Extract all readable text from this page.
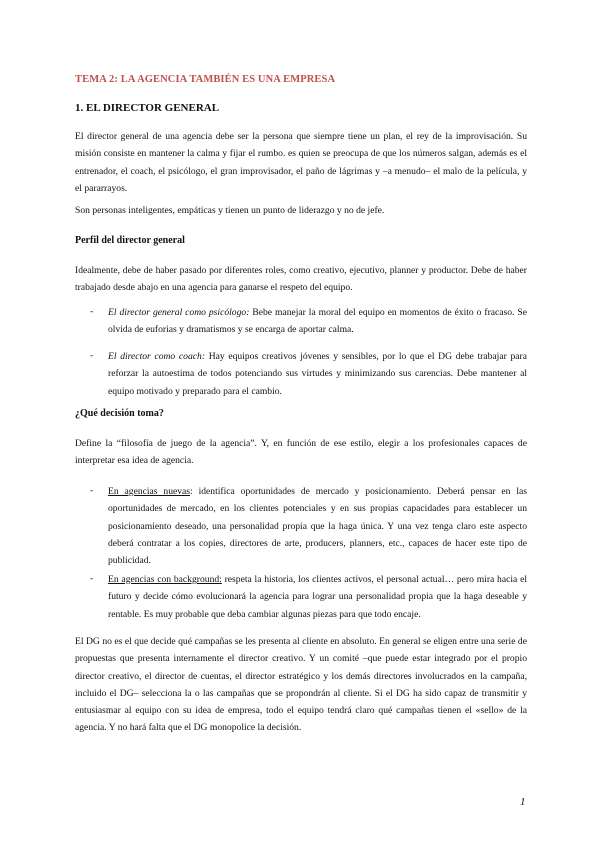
TEMA 2: LA AGENCIA TAMBIÉN ES UNA EMPRESA
1. EL DIRECTOR GENERAL
El director general de una agencia debe ser la persona que siempre tiene un plan, el rey de la improvisación. Su misión consiste en mantener la calma y fijar el rumbo. es quien se preocupa de que los números salgan, además es el entrenador, el coach, el psicólogo, el gran improvisador, el paño de lágrimas y –a menudo– el malo de la película, y el pararrayos.
Son personas inteligentes, empáticas y tienen un punto de liderazgo y no de jefe.
Perfil del director general
Idealmente, debe de haber pasado por diferentes roles, como creativo, ejecutivo, planner y productor. Debe de haber trabajado desde abajo en una agencia para ganarse el respeto del equipo.
- El director general como psicólogo: Bebe manejar la moral del equipo en momentos de éxito o fracaso. Se olvida de euforias y dramatismos y se encarga de aportar calma.
- El director como coach: Hay equipos creativos jóvenes y sensibles, por lo que el DG debe trabajar para reforzar la autoestima de todos potenciando sus virtudes y minimizando sus carencias. Debe mantener al equipo motivado y preparado para el cambio.
¿Qué decisión toma?
Define la “filosofía de juego de la agencia”. Y, en función de ese estilo, elegir a los profesionales capaces de interpretar esa idea de agencia.
- En agencias nuevas: identifica oportunidades de mercado y posicionamiento. Deberá pensar en las oportunidades de mercado, en los clientes potenciales y en sus propias capacidades para establecer un posicionamiento deseado, una personalidad propia que la haga única. Y una vez tenga claro este aspecto deberá contratar a los copies, directores de arte, producers, planners, etc., capaces de hacer este tipo de publicidad.
- En agencias con background: respeta la historia, los clientes activos, el personal actual… pero mira hacia el futuro y decide cómo evolucionará la agencia para lograr una personalidad propia que la haga deseable y rentable. Es muy probable que deba cambiar algunas piezas para que todo encaje.
El DG no es el que decide qué campañas se les presenta al cliente en absoluto. En general se eligen entre una serie de propuestas que presenta internamente el director creativo. Y un comité –que puede estar integrado por el propio director creativo, el director de cuentas, el director estratégico y los demás directores involucrados en la campaña, incluido el DG– selecciona la o las campañas que se propondrán al cliente. Si el DG ha sido capaz de transmitir y entusiasmar al equipo con su idea de empresa, todo el equipo tendrá claro qué campañas tienen el «sello» de la agencia. Y no hará falta que el DG monopolice la decisión.
1
